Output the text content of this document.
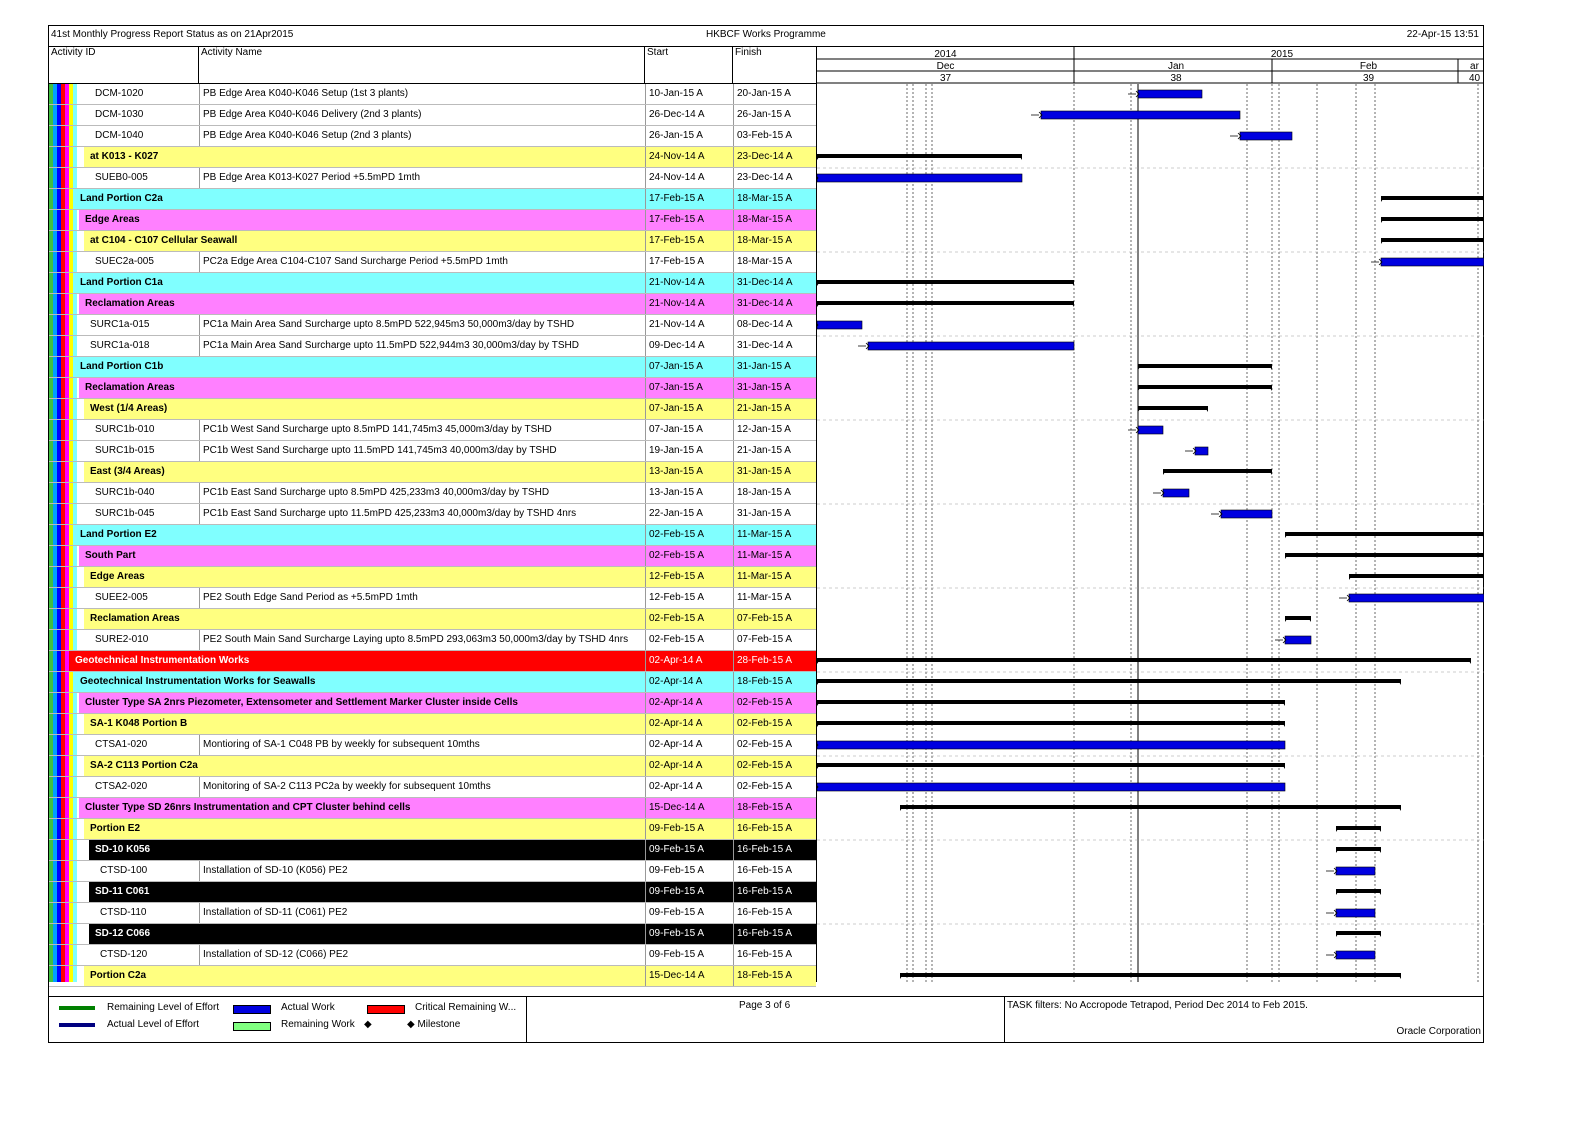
41st Monthly Progress Report Status as on 21Apr2015	HKBCF Works Programme	22-Apr-15 13:51
Activity ID	Activity Name	Start	Finish
DCM-1020	PB Edge Area K040-K046 Setup (1st 3 plants)	10-Jan-15 A	20-Jan-15 A
DCM-1030	PB Edge Area K040-K046 Delivery (2nd 3 plants)	26-Dec-14 A	26-Jan-15 A
DCM-1040	PB Edge Area K040-K046 Setup (2nd 3 plants)	26-Jan-15 A	03-Feb-15 A
at K013 - K027	24-Nov-14 A	23-Dec-14 A
SUEB0-005	PB Edge Area K013-K027 Period +5.5mPD 1mth	24-Nov-14 A	23-Dec-14 A
Land Portion C2a	17-Feb-15 A	18-Mar-15 A
Edge Areas	17-Feb-15 A	18-Mar-15 A
at C104 - C107 Cellular Seawall	17-Feb-15 A	18-Mar-15 A
SUEC2a-005	PC2a Edge Area C104-C107 Sand Surcharge Period +5.5mPD 1mth	17-Feb-15 A	18-Mar-15 A
Land Portion C1a	21-Nov-14 A	31-Dec-14 A
Reclamation Areas	21-Nov-14 A	31-Dec-14 A
SURC1a-015	PC1a Main Area Sand Surcharge upto 8.5mPD 522,945m3 50,000m3/day by TSHD	21-Nov-14 A	08-Dec-14 A
SURC1a-018	PC1a Main Area Sand Surcharge upto 11.5mPD 522,944m3 30,000m3/day by TSHD	09-Dec-14 A	31-Dec-14 A
Land Portion C1b	07-Jan-15 A	31-Jan-15 A
Reclamation Areas	07-Jan-15 A	31-Jan-15 A
West (1/4 Areas)	07-Jan-15 A	21-Jan-15 A
SURC1b-010	PC1b West Sand Surcharge upto 8.5mPD 141,745m3 45,000m3/day by TSHD	07-Jan-15 A	12-Jan-15 A
SURC1b-015	PC1b West Sand Surcharge upto 11.5mPD 141,745m3 40,000m3/day by TSHD	19-Jan-15 A	21-Jan-15 A
East (3/4 Areas)	13-Jan-15 A	31-Jan-15 A
SURC1b-040	PC1b East Sand Surcharge upto 8.5mPD 425,233m3 40,000m3/day by TSHD	13-Jan-15 A	18-Jan-15 A
SURC1b-045	PC1b East Sand Surcharge upto 11.5mPD 425,233m3 40,000m3/day by TSHD 4nrs	22-Jan-15 A	31-Jan-15 A
Land Portion E2	02-Feb-15 A	11-Mar-15 A
South Part	02-Feb-15 A	11-Mar-15 A
Edge Areas	12-Feb-15 A	11-Mar-15 A
SUEE2-005	PE2 South Edge Sand Period as +5.5mPD 1mth	12-Feb-15 A	11-Mar-15 A
Reclamation Areas	02-Feb-15 A	07-Feb-15 A
SURE2-010	PE2 South Main Sand Surcharge Laying upto 8.5mPD 293,063m3 50,000m3/day by TSHD 4nrs	02-Feb-15 A	07-Feb-15 A
Geotechnical Instrumentation Works	02-Apr-14 A	28-Feb-15 A
Geotechnical Instrumentation Works for Seawalls	02-Apr-14 A	18-Feb-15 A
Cluster Type SA 2nrs Piezometer, Extensometer and Settlement Marker Cluster inside Cells	02-Apr-14 A	02-Feb-15 A
SA-1 K048 Portion B	02-Apr-14 A	02-Feb-15 A
CTSA1-020	Montioring of SA-1 C048 PB by weekly for subsequent 10mths	02-Apr-14 A	02-Feb-15 A
SA-2 C113 Portion C2a	02-Apr-14 A	02-Feb-15 A
CTSA2-020	Monitoring of SA-2 C113 PC2a by weekly for subsequent 10mths	02-Apr-14 A	02-Feb-15 A
Cluster Type SD 26nrs Instrumentation and CPT Cluster behind cells	15-Dec-14 A	18-Feb-15 A
Portion E2	09-Feb-15 A	16-Feb-15 A
SD-10 K056	09-Feb-15 A	16-Feb-15 A
CTSD-100	Installation of SD-10 (K056) PE2	09-Feb-15 A	16-Feb-15 A
SD-11 C061	09-Feb-15 A	16-Feb-15 A
CTSD-110	Installation of SD-11 (C061) PE2	09-Feb-15 A	16-Feb-15 A
SD-12 C066	09-Feb-15 A	16-Feb-15 A
CTSD-120	Installation of SD-12 (C066) PE2	09-Feb-15 A	16-Feb-15 A
Portion C2a	15-Dec-14 A	18-Feb-15 A
2014	2015
Dec	Jan	Feb	ar
37	38	39	40
Remaining Level of Effort
Actual Level of Effort
Actual Work
Remaining Work
Critical Remaining W...
◆ Milestone
◆
Page 3 of 6	TASK filters: No Accropode Tetrapod, Period Dec 2014 to Feb 2015.
Oracle Corporation
